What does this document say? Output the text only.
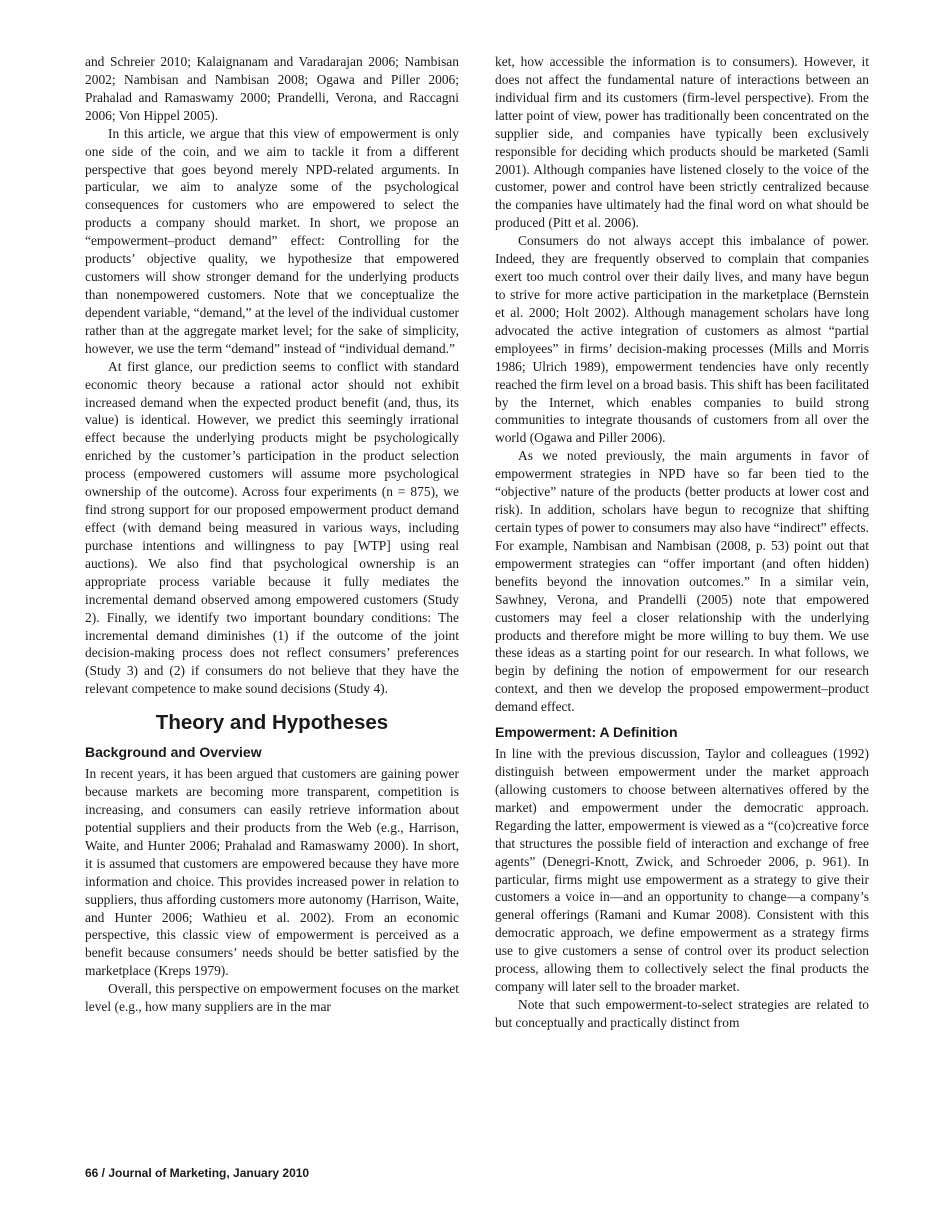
and Schreier 2010; Kalaignanam and Varadarajan 2006; Nambisan 2002; Nambisan and Nambisan 2008; Ogawa and Piller 2006; Prahalad and Ramaswamy 2000; Prandelli, Verona, and Raccagni 2006; Von Hippel 2005).

In this article, we argue that this view of empowerment is only one side of the coin, and we aim to tackle it from a different perspective that goes beyond merely NPD-related arguments. In particular, we aim to analyze some of the psychological consequences for customers who are empowered to select the products a company should market. In short, we propose an “empowerment–product demand” effect: Controlling for the products’ objective quality, we hypothesize that empowered customers will show stronger demand for the underlying products than nonempowered customers. Note that we conceptualize the dependent variable, “demand,” at the level of the individual customer rather than at the aggregate market level; for the sake of simplicity, however, we use the term “demand” instead of “individual demand.”

At first glance, our prediction seems to conflict with standard economic theory because a rational actor should not exhibit increased demand when the expected product benefit (and, thus, its value) is identical. However, we predict this seemingly irrational effect because the underlying products might be psychologically enriched by the customer’s participation in the product selection process (empowered customers will assume more psychological ownership of the outcome). Across four experiments (n = 875), we find strong support for our proposed empowerment product demand effect (with demand being measured in various ways, including purchase intentions and willingness to pay [WTP] using real auctions). We also find that psychological ownership is an appropriate process variable because it fully mediates the incremental demand observed among empowered customers (Study 2). Finally, we identify two important boundary conditions: The incremental demand diminishes (1) if the outcome of the joint decision-making process does not reflect consumers’ preferences (Study 3) and (2) if consumers do not believe that they have the relevant competence to make sound decisions (Study 4).

Theory and Hypotheses
Background and Overview

In recent years, it has been argued that customers are gaining power because markets are becoming more transparent, competition is increasing, and consumers can easily retrieve information about potential suppliers and their products from the Web (e.g., Harrison, Waite, and Hunter 2006; Prahalad and Ramaswamy 2000). In short, it is assumed that customers are empowered because they have more information and choice. This provides increased power in relation to suppliers, thus affording customers more autonomy (Harrison, Waite, and Hunter 2006; Wathieu et al. 2002). From an economic perspective, this classic view of empowerment is perceived as a benefit because consumers’ needs should be better satisfied by the marketplace (Kreps 1979).

Overall, this perspective on empowerment focuses on the market level (e.g., how many suppliers are in the mar

ket, how accessible the information is to consumers). However, it does not affect the fundamental nature of interactions between an individual firm and its customers (firm-level perspective). From the latter point of view, power has traditionally been concentrated on the supplier side, and companies have typically been exclusively responsible for deciding which products should be marketed (Samli 2001). Although companies have listened closely to the voice of the customer, power and control have been strictly centralized because the companies have ultimately had the final word on what should be produced (Pitt et al. 2006).

Consumers do not always accept this imbalance of power. Indeed, they are frequently observed to complain that companies exert too much control over their daily lives, and many have begun to strive for more active participation in the marketplace (Bernstein et al. 2000; Holt 2002). Although management scholars have long advocated the active integration of customers as almost “partial employees” in firms’ decision-making processes (Mills and Morris 1986; Ulrich 1989), empowerment tendencies have only recently reached the firm level on a broad basis. This shift has been facilitated by the Internet, which enables companies to build strong communities to integrate thousands of customers from all over the world (Ogawa and Piller 2006).

As we noted previously, the main arguments in favor of empowerment strategies in NPD have so far been tied to the “objective” nature of the products (better products at lower cost and risk). In addition, scholars have begun to recognize that shifting certain types of power to consumers may also have “indirect” effects. For example, Nambisan and Nambisan (2008, p. 53) point out that empowerment strategies can “offer important (and often hidden) benefits beyond the innovation outcomes.” In a similar vein, Sawhney, Verona, and Prandelli (2005) note that empowered customers may feel a closer relationship with the underlying products and therefore might be more willing to buy them. We use these ideas as a starting point for our research. In what follows, we begin by defining the notion of empowerment for our research context, and then we develop the proposed empowerment–product demand effect.

Empowerment: A Definition

In line with the previous discussion, Taylor and colleagues (1992) distinguish between empowerment under the market approach (allowing customers to choose between alternatives offered by the market) and empowerment under the democratic approach. Regarding the latter, empowerment is viewed as a “(co)creative force that structures the possible field of interaction and exchange of free agents” (Denegri-Knott, Zwick, and Schroeder 2006, p. 961). In particular, firms might use empowerment as a strategy to give their customers a voice in—and an opportunity to change—a company’s general offerings (Ramani and Kumar 2008). Consistent with this democratic approach, we define empowerment as a strategy firms use to give customers a sense of control over its product selection process, allowing them to collectively select the final products the company will later sell to the broader market.

Note that such empowerment-to-select strategies are related to but conceptually and practically distinct from

66 / Journal of Marketing, January 2010
